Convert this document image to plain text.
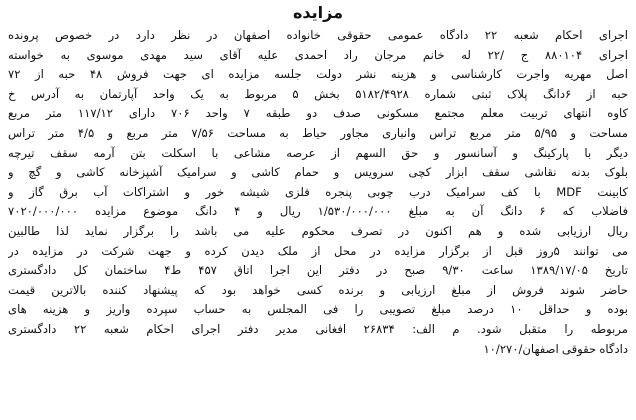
مزایده
اجرای احکام شعبه ۲۲ دادگاه عمومی حقوقی خانواده اصفهان در نظر دارد در خصوص پرونده
اجرای ۸۸۰۱۰۴ ج /۲۲ له خانم مرجان راد احمدی علیه آقای سید مهدی موسوی به خواسته
اصل مهریه واجرت کارشناسی و هزینه نشر دولت جلسه مزایده ای جهت فروش ۴۸ حبه از ۷۲
حبه از ۶دانگ پلاک ثبتی شماره ۵۱۸۲/۴۹۲۸ بخش ۵ مربوط به یک واحد آپارتمان به آدرس خ
کاوه انتهای تربیت معلم مجتمع مسکونی صدف دو طبقه ۷ واحد ۷۰۶ دارای ۱۱۷/۱۲ متر مربع
مساحت و ۵/۹۵ متر مربع تراس وانباری مجاور حیاط به مساحت ۷/۵۶ متر مربع و ۴/۵ متر تراس
دیگر با پارکینگ و آسانسور و حق السهم از عرصه مشاعی با اسکلت بتن آرمه سقف تیرچه
بلوک بدنه نقاشی سقف ابزار کچی سرویس و حمام کاشی و سرامیک آشپزخانه کاشی و گچ و
کابینت MDF با کف سرامیک درب چوبی پنجره فلزی شیشه خور و اشتراکات آب برق گاز و
فاضلاب که ۶ دانگ آن به مبلغ ۱/۵۳۰/۰۰۰/۰۰۰ ریال و ۴ دانگ موضوع مزایده ۷۰۲۰/۰۰۰/۰۰۰
ریال ارزیابی شده و هم اکنون در تصرف محکوم علیه می باشد را برگزار نماید لذا طالبین
می توانند ۵روز قبل از برگزار مزایده در محل از ملک دیدن کرده و جهت شرکت در مزایده در
تاریخ ۱۳۸۹/۱۷/۰۵ ساعت ۹/۳۰ صبح در دفتر این اجرا اتاق ۴۵۷ ط۴ ساختمان کل دادگستری
حاضر شوند فروش از مبلغ ارزیابی و برنده کسی خواهد بود که پیشنهاد کننده بالاترین قیمت
بوده و حداقل ۱۰ درصد مبلغ تصویبی را فی المجلس به حساب سپرده واریز و هزینه های
مربوطه را متقبل شود. م الف: ۲۶۸۳۴ افغانی مدیر دفتر اجرای احکام شعبه ۲۲ دادگستری
دادگاه حقوقی اصفهان/۱۰/۲۷۰
